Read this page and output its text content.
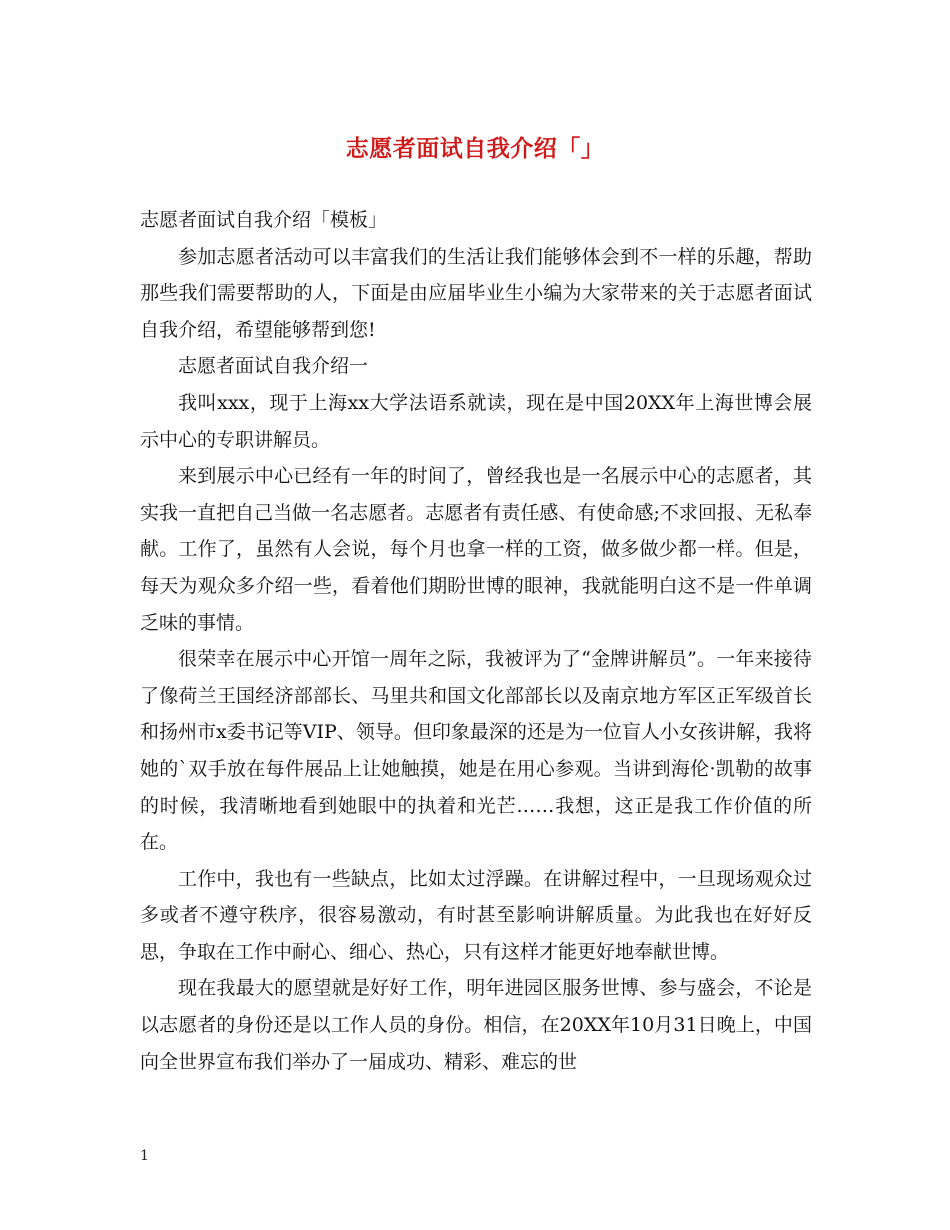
志愿者面试自我介绍「」

志愿者面试自我介绍「模板」

参加志愿者活动可以丰富我们的生活让我们能够体会到不一样的乐趣，帮助那些我们需要帮助的人，下面是由应届毕业生小编为大家带来的关于志愿者面试自我介绍，希望能够帮到您!

志愿者面试自我介绍一

我叫xxx，现于上海xx大学法语系就读，现在是中国20XX年上海世博会展示中心的专职讲解员。

来到展示中心已经有一年的时间了，曾经我也是一名展示中心的志愿者，其实我一直把自己当做一名志愿者。志愿者有责任感、有使命感;不求回报、无私奉献。工作了，虽然有人会说，每个月也拿一样的工资，做多做少都一样。但是，每天为观众多介绍一些，看着他们期盼世博的眼神，我就能明白这不是一件单调乏味的事情。

很荣幸在展示中心开馆一周年之际，我被评为了“金牌讲解员”。一年来接待了像荷兰王国经济部部长、马里共和国文化部部长以及南京地方军区正军级首长和扬州市x委书记等VIP、领导。但印象最深的还是为一位盲人小女孩讲解，我将她的`双手放在每件展品上让她触摸，她是在用心参观。当讲到海伦·凯勒的故事的时候，我清晰地看到她眼中的执着和光芒……我想，这正是我工作价值的所在。

工作中，我也有一些缺点，比如太过浮躁。在讲解过程中，一旦现场观众过多或者不遵守秩序，很容易激动，有时甚至影响讲解质量。为此我也在好好反思，争取在工作中耐心、细心、热心，只有这样才能更好地奉献世博。

现在我最大的愿望就是好好工作，明年进园区服务世博、参与盛会，不论是以志愿者的身份还是以工作人员的身份。相信，在20XX年10月31日晚上，中国向全世界宣布我们举办了一届成功、精彩、难忘的世

1
